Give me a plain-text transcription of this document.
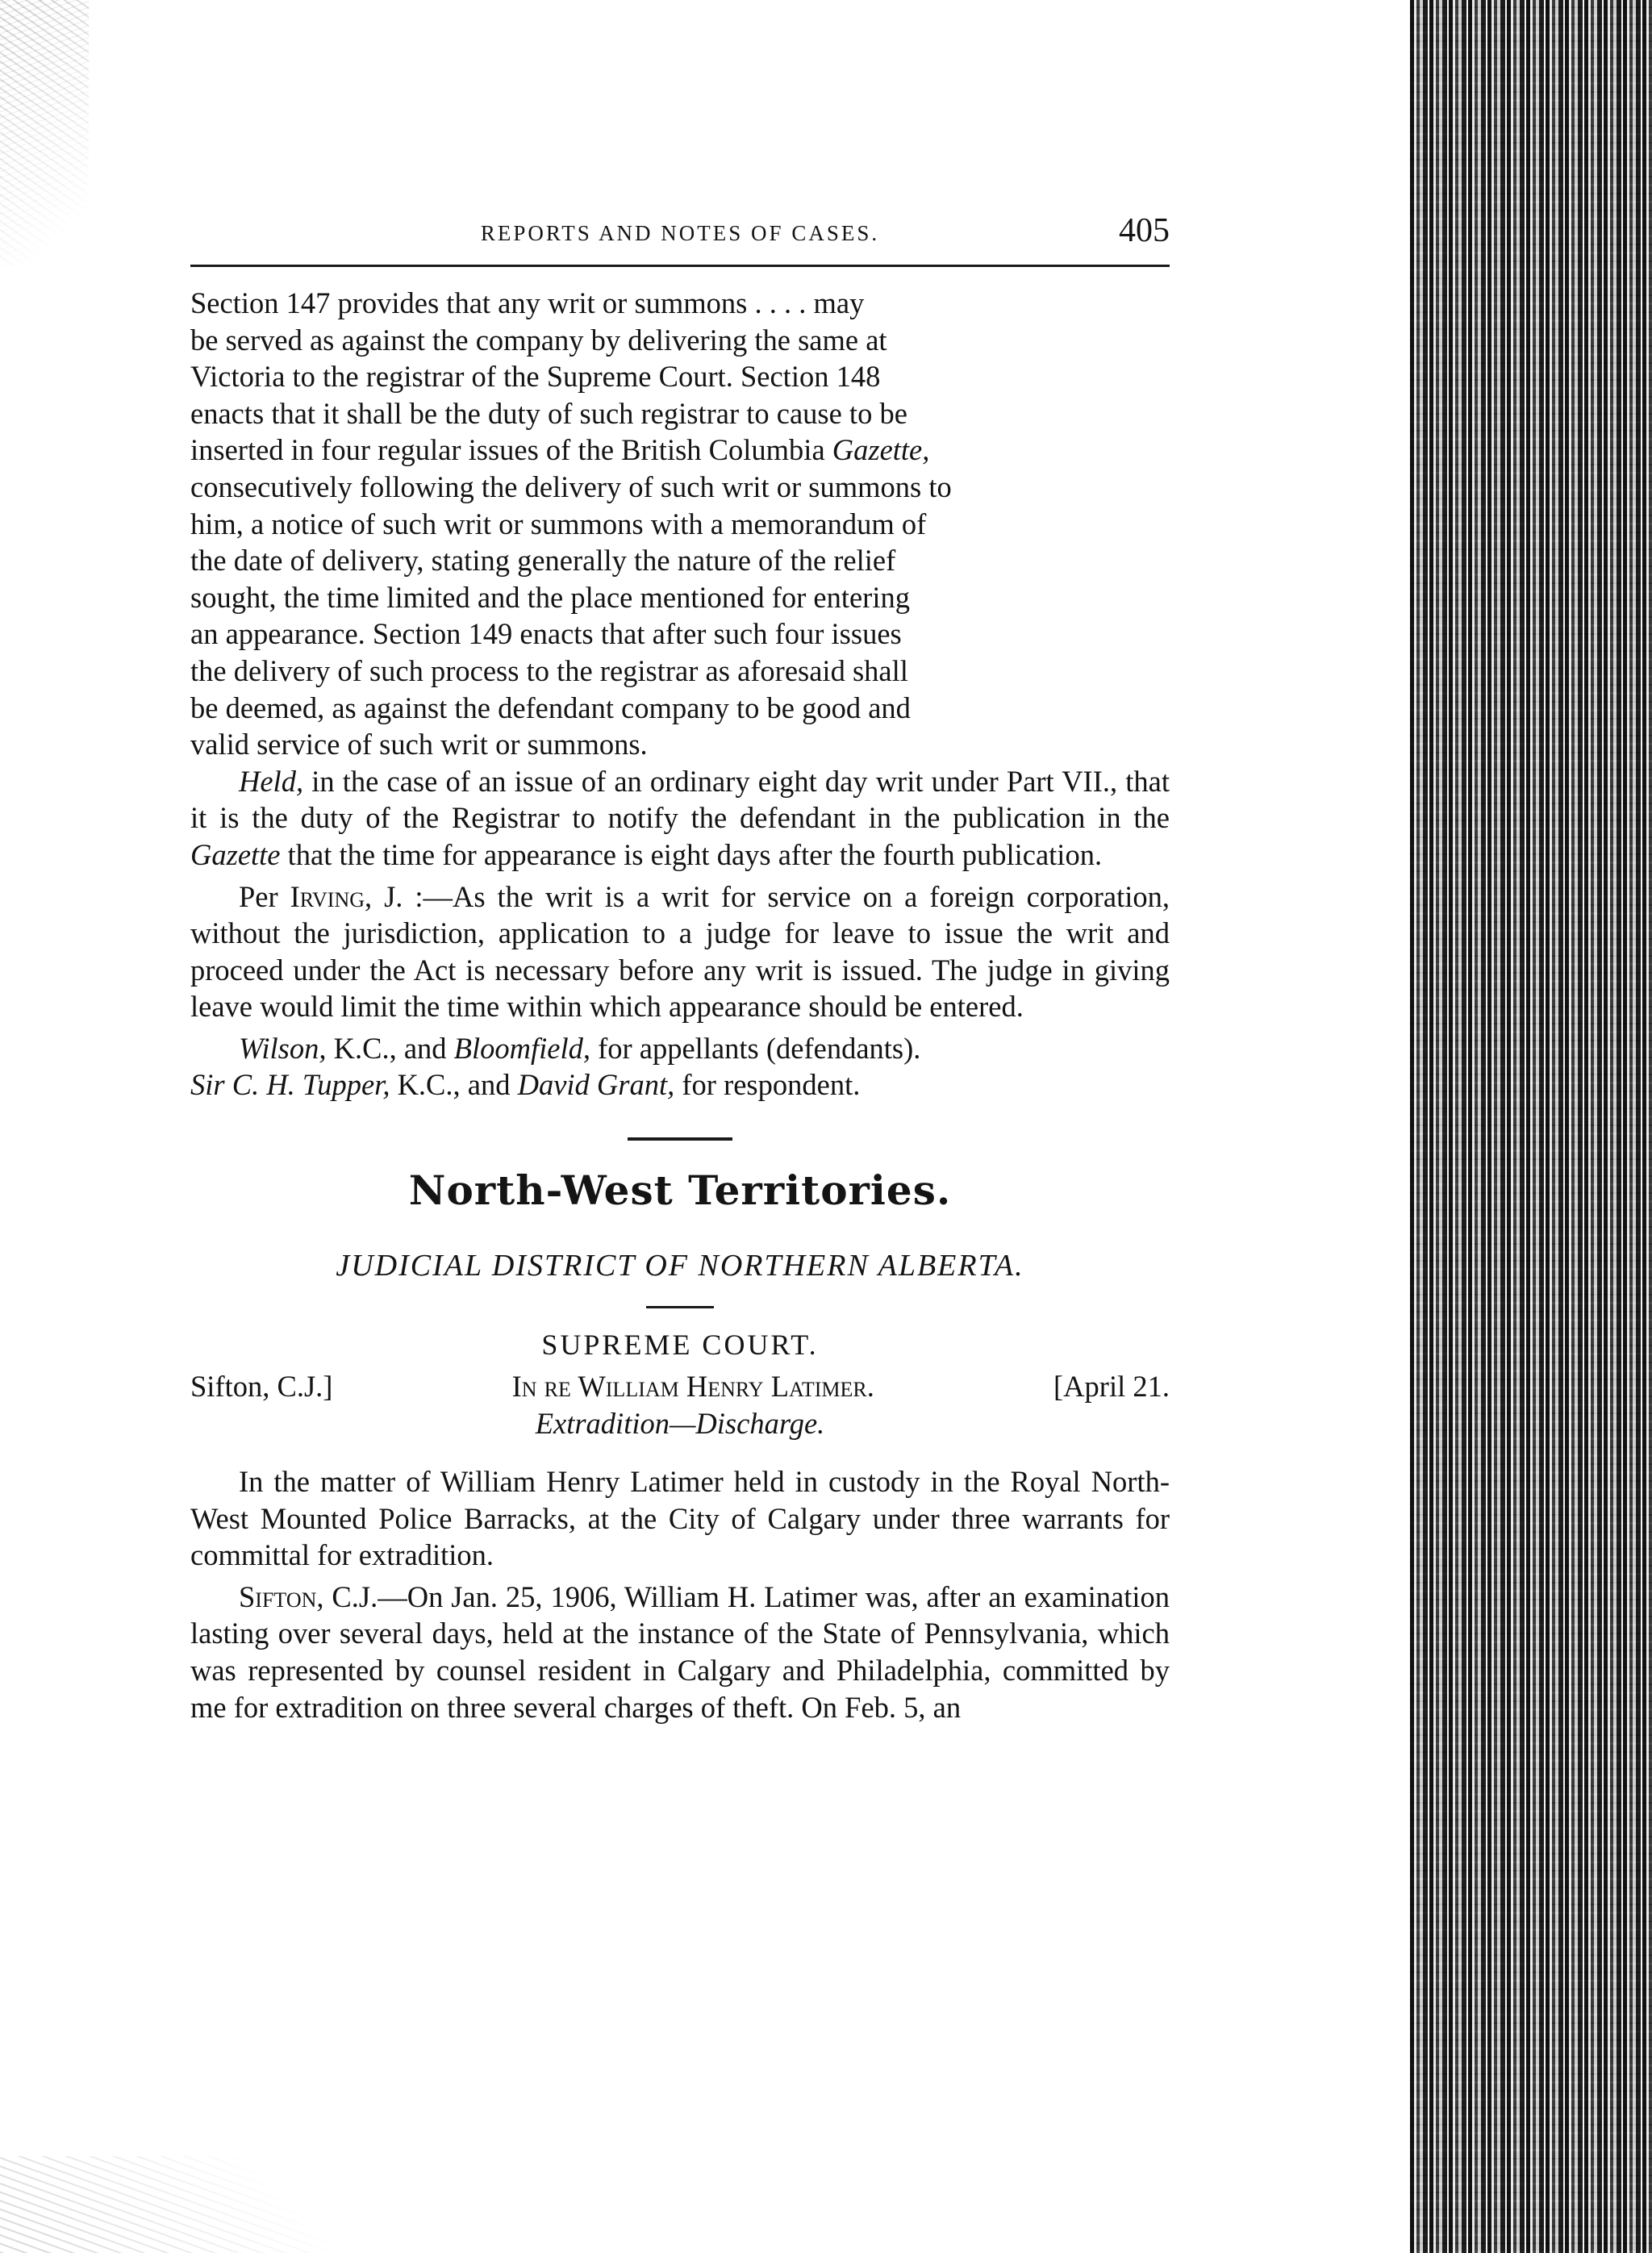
REPORTS AND NOTES OF CASES.	405

Section 147 provides that any writ or summons . . . . may

be served as against the company by delivering the same at

Victoria to the registrar of the Supreme Court. Section 148

enacts that it shall be the duty of such registrar to cause to be

inserted in four regular issues of the British Columbia Gazette,

consecutively following the delivery of such writ or summons to

him, a notice of such writ or summons with a memorandum of

the date of delivery, stating generally the nature of the relief

sought, the time limited and the place mentioned for entering

an appearance. Section 149 enacts that after such four issues

the delivery of such process to the registrar as aforesaid shall

be deemed, as against the defendant company to be good and

valid service of such writ or summons.

Held, in the case of an issue of an ordinary eight day writ under Part VII., that it is the duty of the Registrar to notify the defendant in the publication in the Gazette that the time for appearance is eight days after the fourth publication.

Per Irving, J. :—As the writ is a writ for service on a foreign corporation, without the jurisdiction, application to a judge for leave to issue the writ and proceed under the Act is necessary before any writ is issued. The judge in giving leave would limit the time within which appearance should be entered.

Wilson, K.C., and Bloomfield, for appellants (defendants).

Sir C. H. Tupper, K.C., and David Grant, for respondent.

North-West Territories.

JUDICIAL DISTRICT OF NORTHERN ALBERTA.

SUPREME COURT.

Sifton, C.J.]	In re William Henry Latimer.	[April 21.

Extradition—Discharge.

In the matter of William Henry Latimer held in custody in the Royal North-West Mounted Police Barracks, at the City of Calgary under three warrants for committal for extradition.

Sifton, C.J.—On Jan. 25, 1906, William H. Latimer was, after an examination lasting over several days, held at the instance of the State of Pennsylvania, which was represented by counsel resident in Calgary and Philadelphia, committed by me for extradition on three several charges of theft. On Feb. 5, an
